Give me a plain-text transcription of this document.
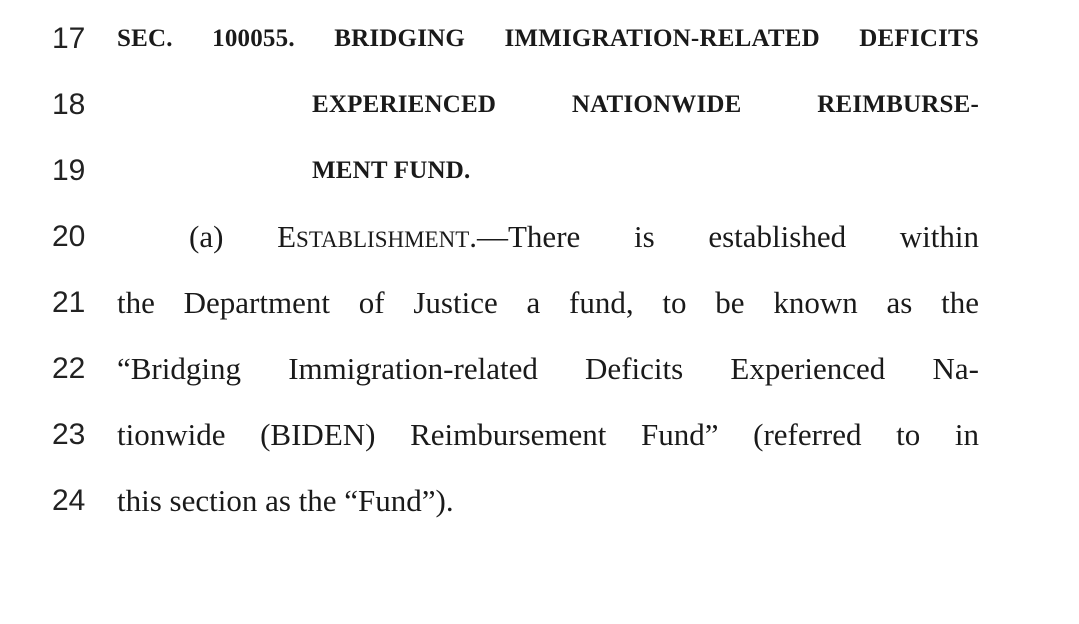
17	SEC. 100055. BRIDGING IMMIGRATION-RELATED DEFICITS
18	EXPERIENCED NATIONWIDE REIMBURSE-
19	MENT FUND.
20	(a) ESTABLISHMENT.—There is established within
21	the Department of Justice a fund, to be known as the
22	“Bridging Immigration-related Deficits Experienced Na-
23	tionwide (BIDEN) Reimbursement Fund” (referred to in
24	this section as the “Fund”).
